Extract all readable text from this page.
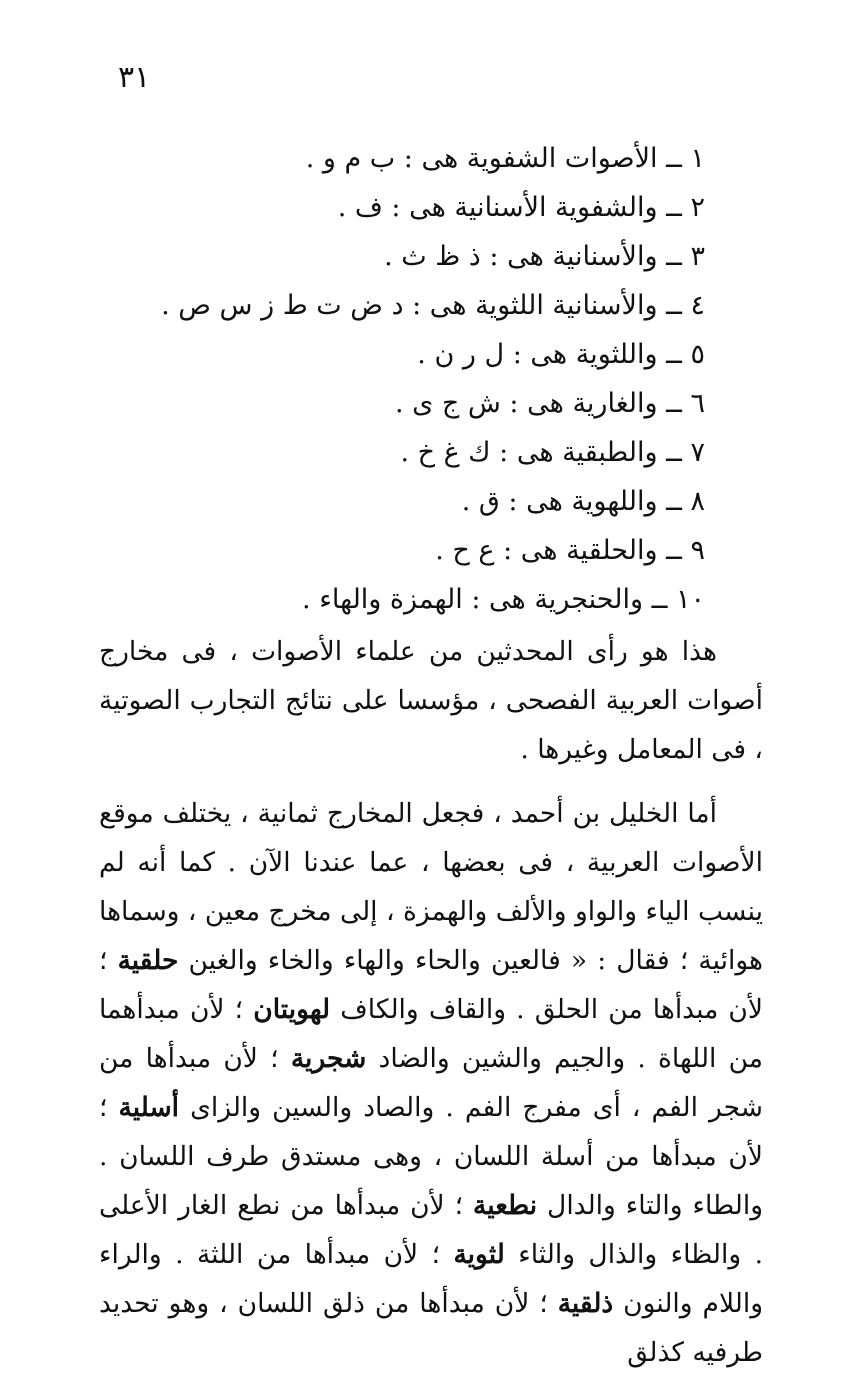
٣١
١ ــ الأصوات الشفوية هى : ب م و .
٢ ــ والشفوية الأسنانية هى : ف .
٣ ــ والأسنانية هى : ذ ظ ث .
٤ ــ والأسنانية اللثوية هى : د ض ت ط ز س ص .
٥ ــ واللثوية هى : ل ر ن .
٦ ــ والغارية هى : ش ج ى .
٧ ــ والطبقية هى : ك غ خ .
٨ ــ واللهوية هى : ق .
٩ ــ والحلقية هى : ع ح .
١٠ ــ والحنجرية هى : الهمزة والهاء .

هذا هو رأى المحدثين من علماء الأصوات ، فى مخارج أصوات العربية الفصحى ، مؤسسا على نتائج التجارب الصوتية ، فى المعامل وغيرها .

أما الخليل بن أحمد ، فجعل المخارج ثمانية ، يختلف موقع الأصوات العربية ، فى بعضها ، عما عندنا الآن . كما أنه لم ينسب الياء والواو والألف والهمزة ، إلى مخرج معين ، وسماها هوائية ؛ فقال : « فالعين والحاء والهاء والخاء والغين حلقية ؛ لأن مبدأها من الحلق . والقاف والكاف لهويتان ؛ لأن مبدأهما من اللهاة . والجيم والشين والضاد شجرية ؛ لأن مبدأها من شجر الفم ، أى مفرج الفم . والصاد والسين والزاى أسلية ؛ لأن مبدأها من أسلة اللسان ، وهى مستدق طرف اللسان . والطاء والتاء والدال نطعية ؛ لأن مبدأها من نطع الغار الأعلى . والظاء والذال والثاء لثوية ؛ لأن مبدأها من اللثة . والراء واللام والنون ذلقية ؛ لأن مبدأها من ذلق اللسان ، وهو تحديد طرفيه كذلق
